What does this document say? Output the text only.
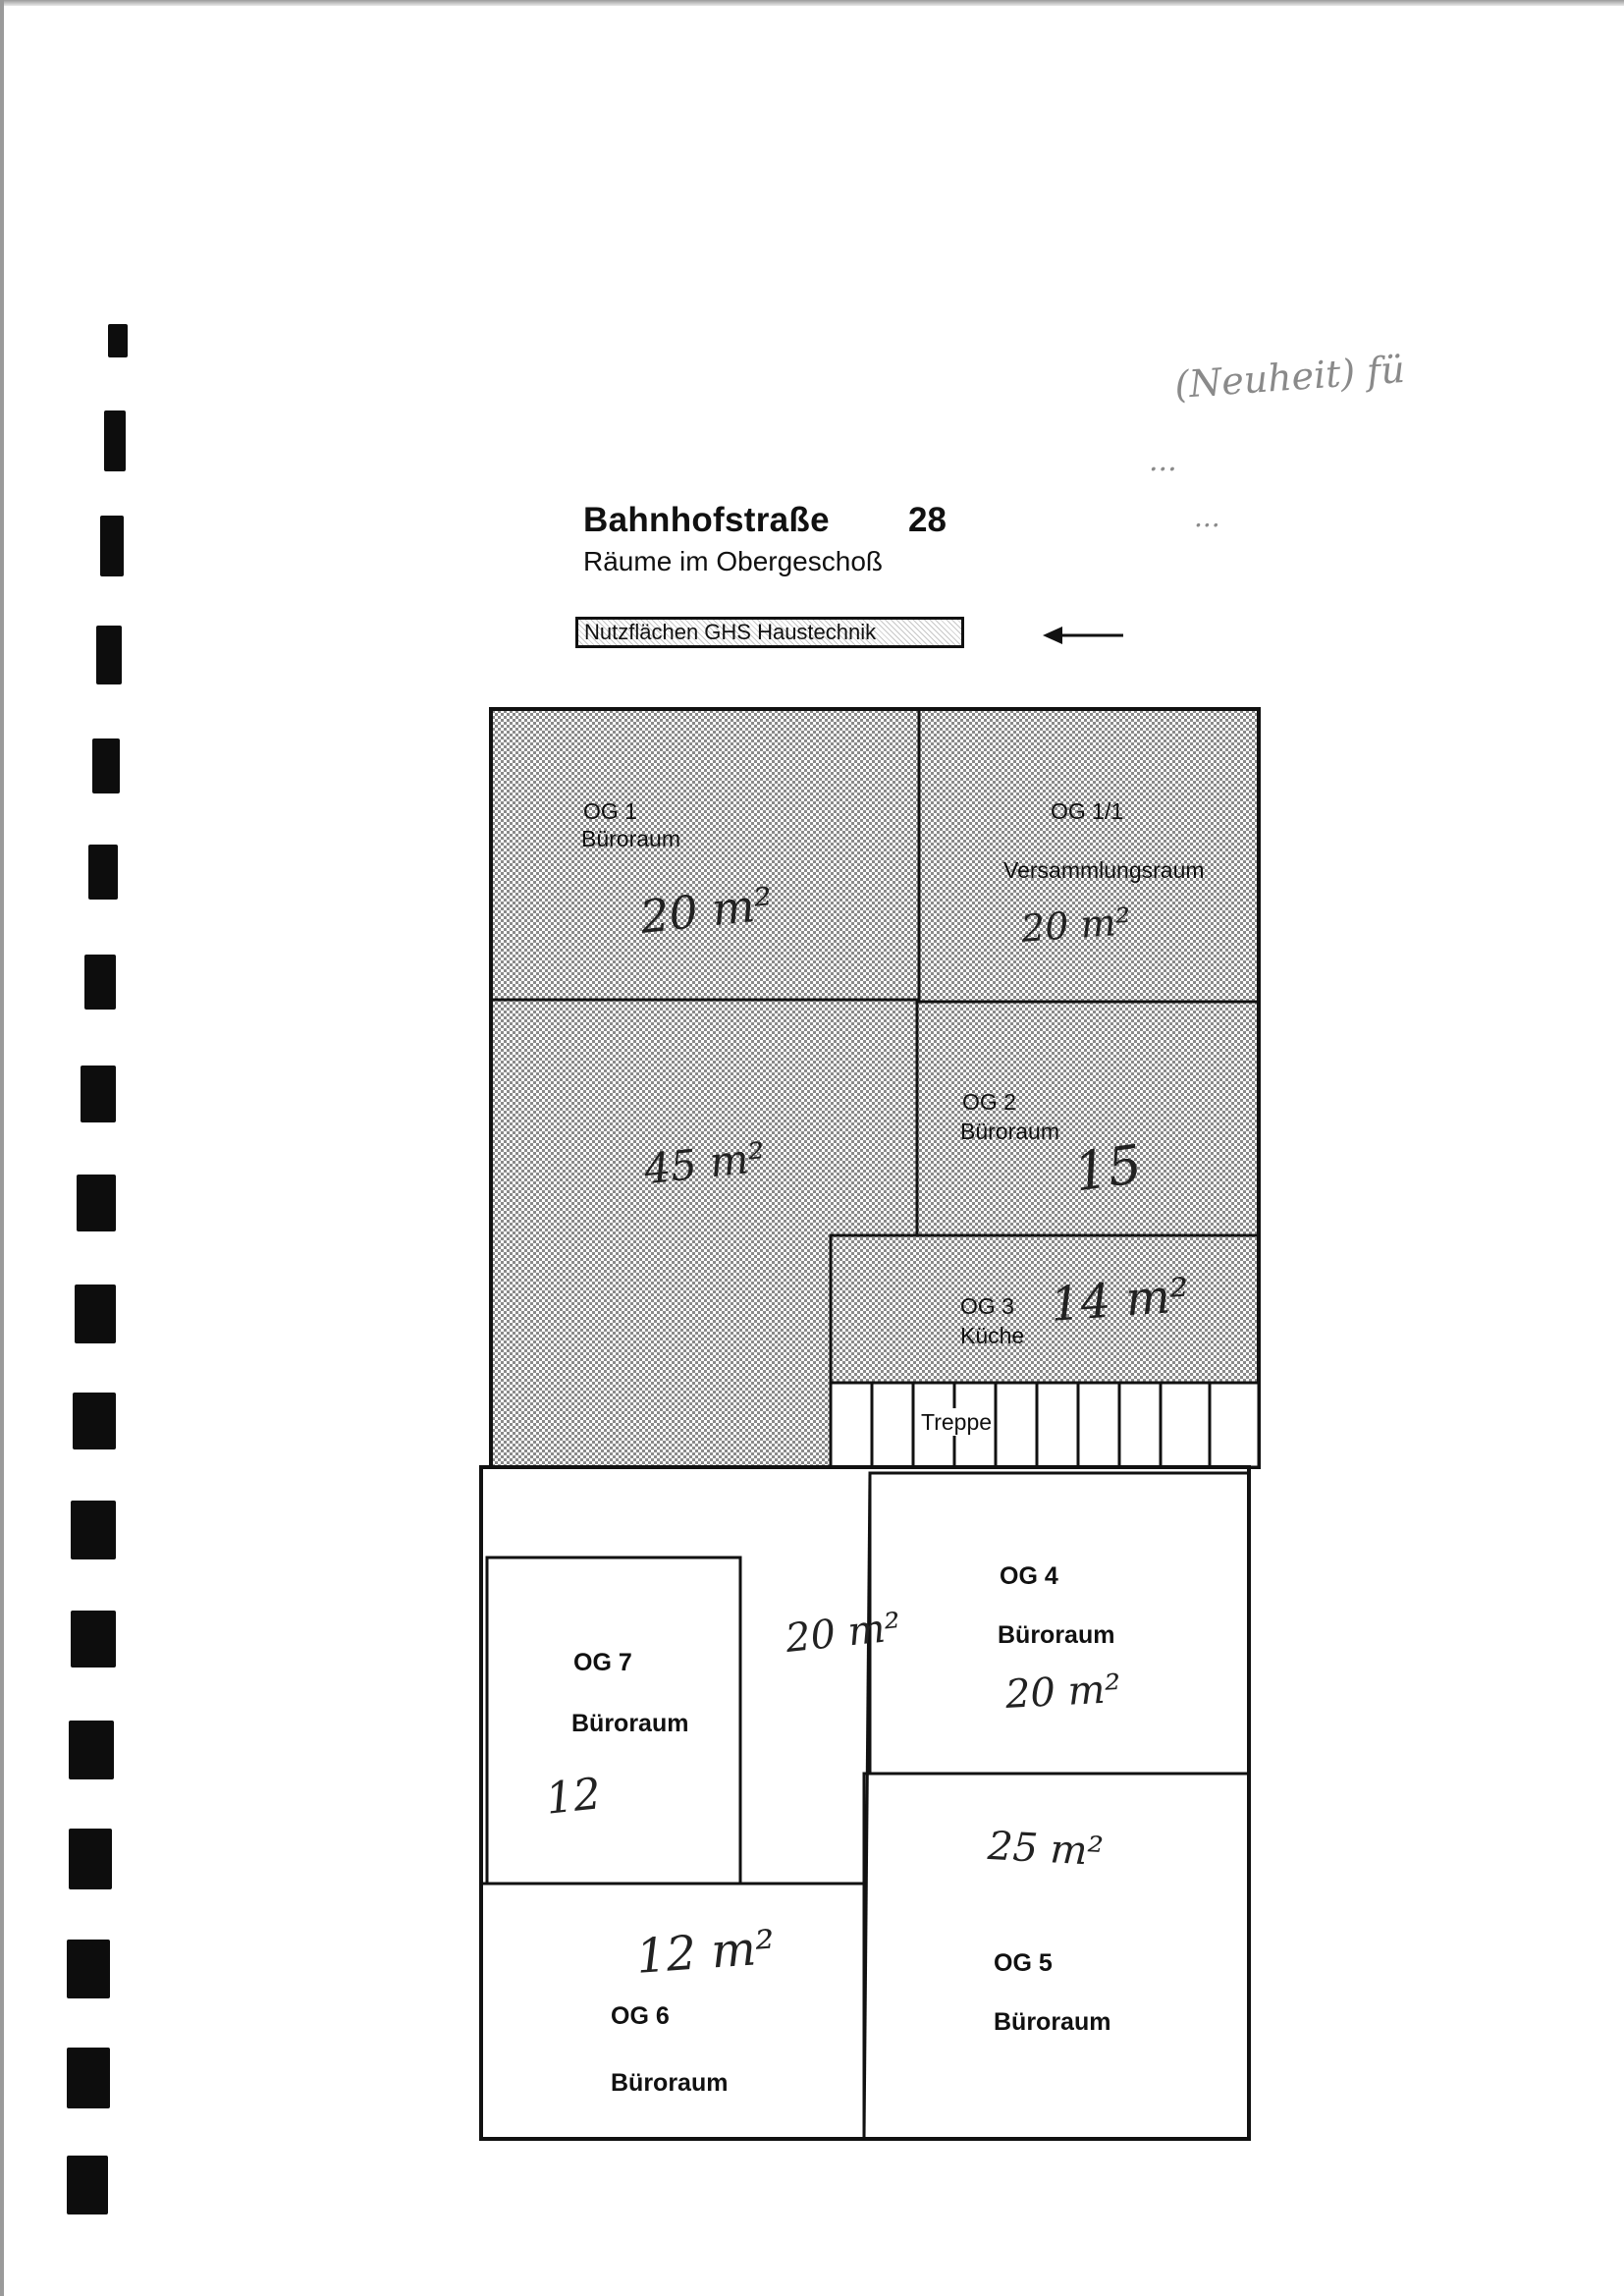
(Neuheit) fü
...
...
Bahnhofstraße 28
Räume im Obergeschoß
Nutzflächen GHS Haustechnik
OG 1
Büroraum
20 m²
OG 1/1
Versammlungsraum
20 m²
45 m²
OG 2
Büroraum
15
OG 3
Küche
14 m²
Treppe
20 m²
OG 4
Büroraum
20 m²
25 m²
OG 5
Büroraum
OG 7
Büroraum
12
12 m²
OG 6
Büroraum
